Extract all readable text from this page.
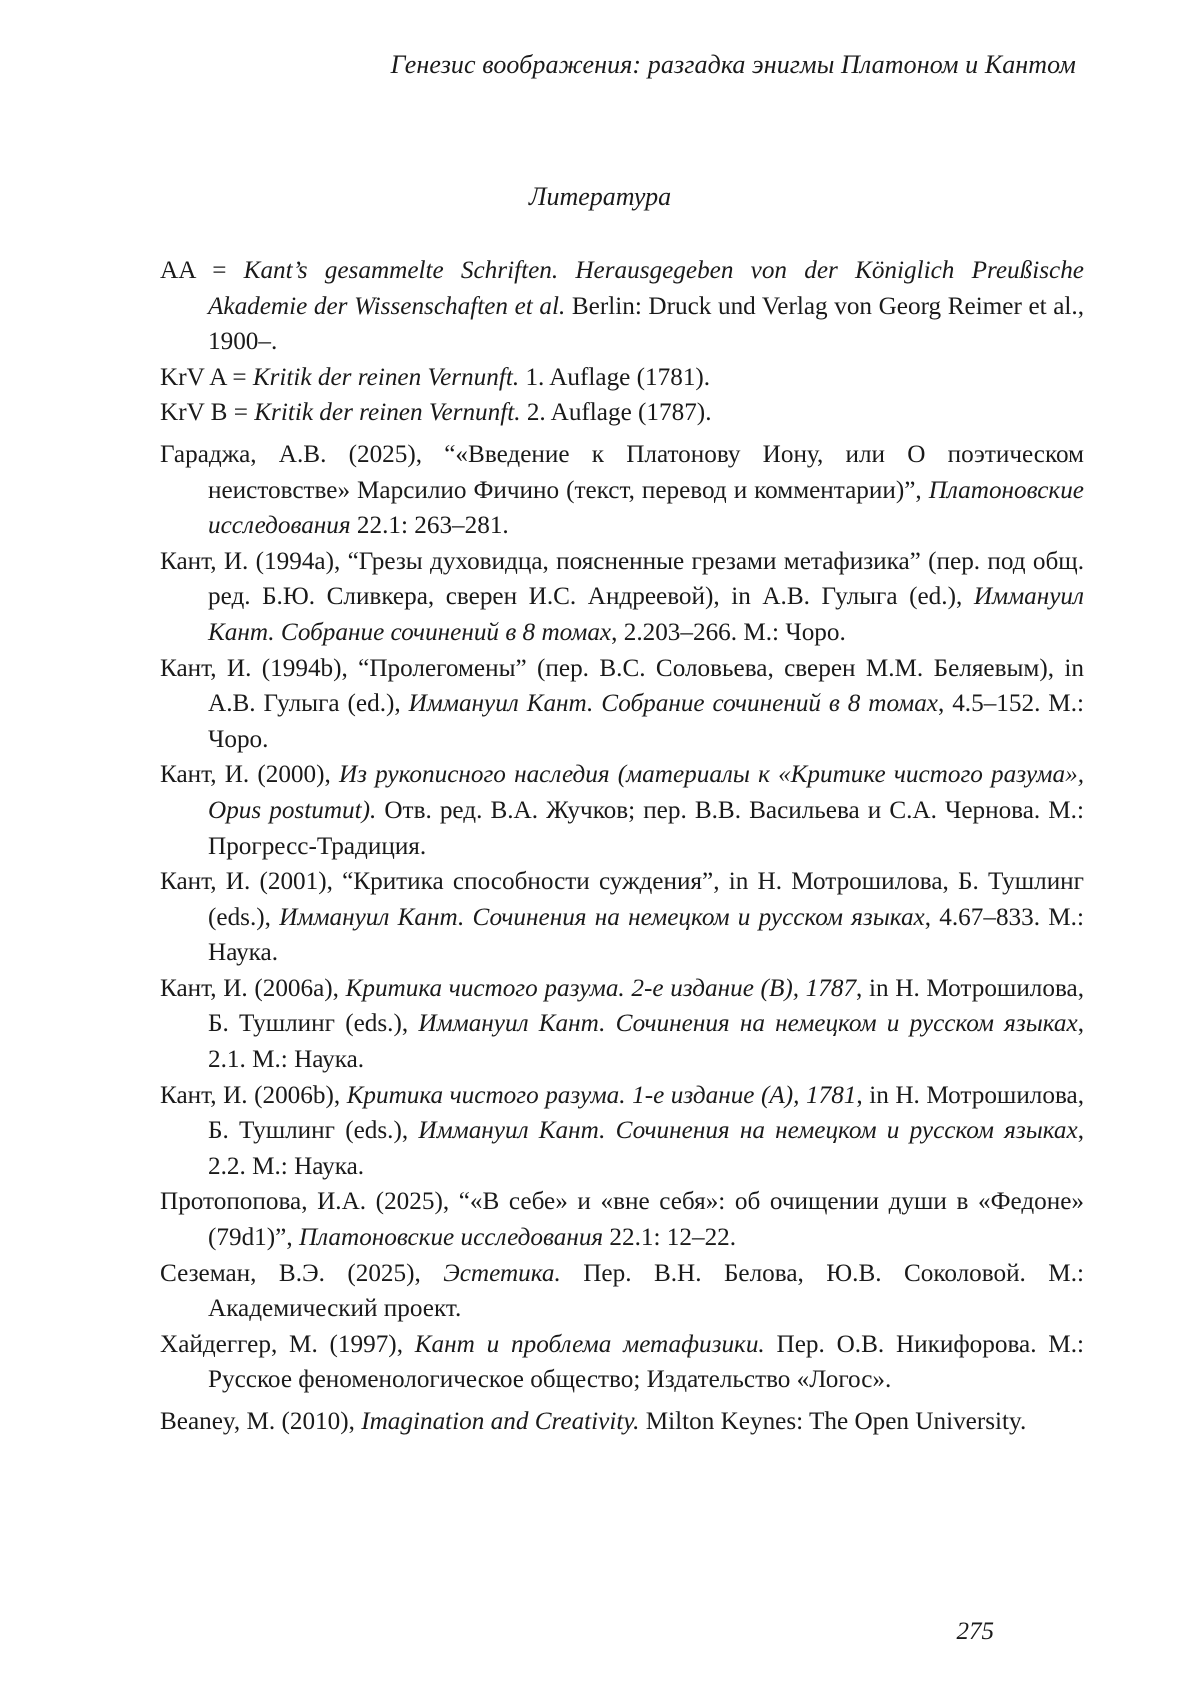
Генезис воображения: разгадка энигмы Платоном и Кантом
Литература

AA = Kant’s gesammelte Schriften. Herausgegeben von der Königlich Preußische Akademie der Wissenschaften et al. Berlin: Druck und Verlag von Georg Reimer et al., 1900–.

KrV A = Kritik der reinen Vernunft. 1. Auflage (1781).

KrV B = Kritik der reinen Vernunft. 2. Auflage (1787).

Гараджа, А.В. (2025), “«Введение к Платонову Иону, или О поэтическом неистовстве» Марсилио Фичино (текст, перевод и комментарии)”, Платоновские исследования 22.1: 263–281.

Кант, И. (1994a), “Грезы духовидца, поясненные грезами метафизика” (пер. под общ. ред. Б.Ю. Сливкера, сверен И.С. Андреевой), in А.В. Гулыга (ed.), Иммануил Кант. Собрание сочинений в 8 томах, 2.203–266. М.: Чоро.

Кант, И. (1994b), “Пролегомены” (пер. В.С. Соловьева, сверен М.М. Беляевым), in А.В. Гулыга (ed.), Иммануил Кант. Собрание сочинений в 8 томах, 4.5–152. М.: Чоро.

Кант, И. (2000), Из рукописного наследия (материалы к «Критике чистого разума», Opus postumut). Отв. ред. В.А. Жучков; пер. В.В. Васильева и С.А. Чернова. М.: Прогресс-Традиция.

Кант, И. (2001), “Критика способности суждения”, in Н. Мотрошилова, Б. Тушлинг (eds.), Иммануил Кант. Сочинения на немецком и русском языках, 4.67–833. М.: Наука.

Кант, И. (2006a), Критика чистого разума. 2-е издание (B), 1787, in Н. Мотрошилова, Б. Тушлинг (eds.), Иммануил Кант. Сочинения на немецком и русском языках, 2.1. М.: Наука.

Кант, И. (2006b), Критика чистого разума. 1-е издание (A), 1781, in Н. Мотрошилова, Б. Тушлинг (eds.), Иммануил Кант. Сочинения на немецком и русском языках, 2.2. М.: Наука.

Протопопова, И.А. (2025), “«В себе» и «вне себя»: об очищении души в «Федоне» (79d1)”, Платоновские исследования 22.1: 12–22.

Сеземан, В.Э. (2025), Эстетика. Пер. В.Н. Белова, Ю.В. Соколовой. М.: Академический проект.

Хайдеггер, М. (1997), Кант и проблема метафизики. Пер. О.В. Никифорова. М.: Русское феноменологическое общество; Издательство «Логос».

Beaney, M. (2010), Imagination and Creativity. Milton Keynes: The Open University.

275
